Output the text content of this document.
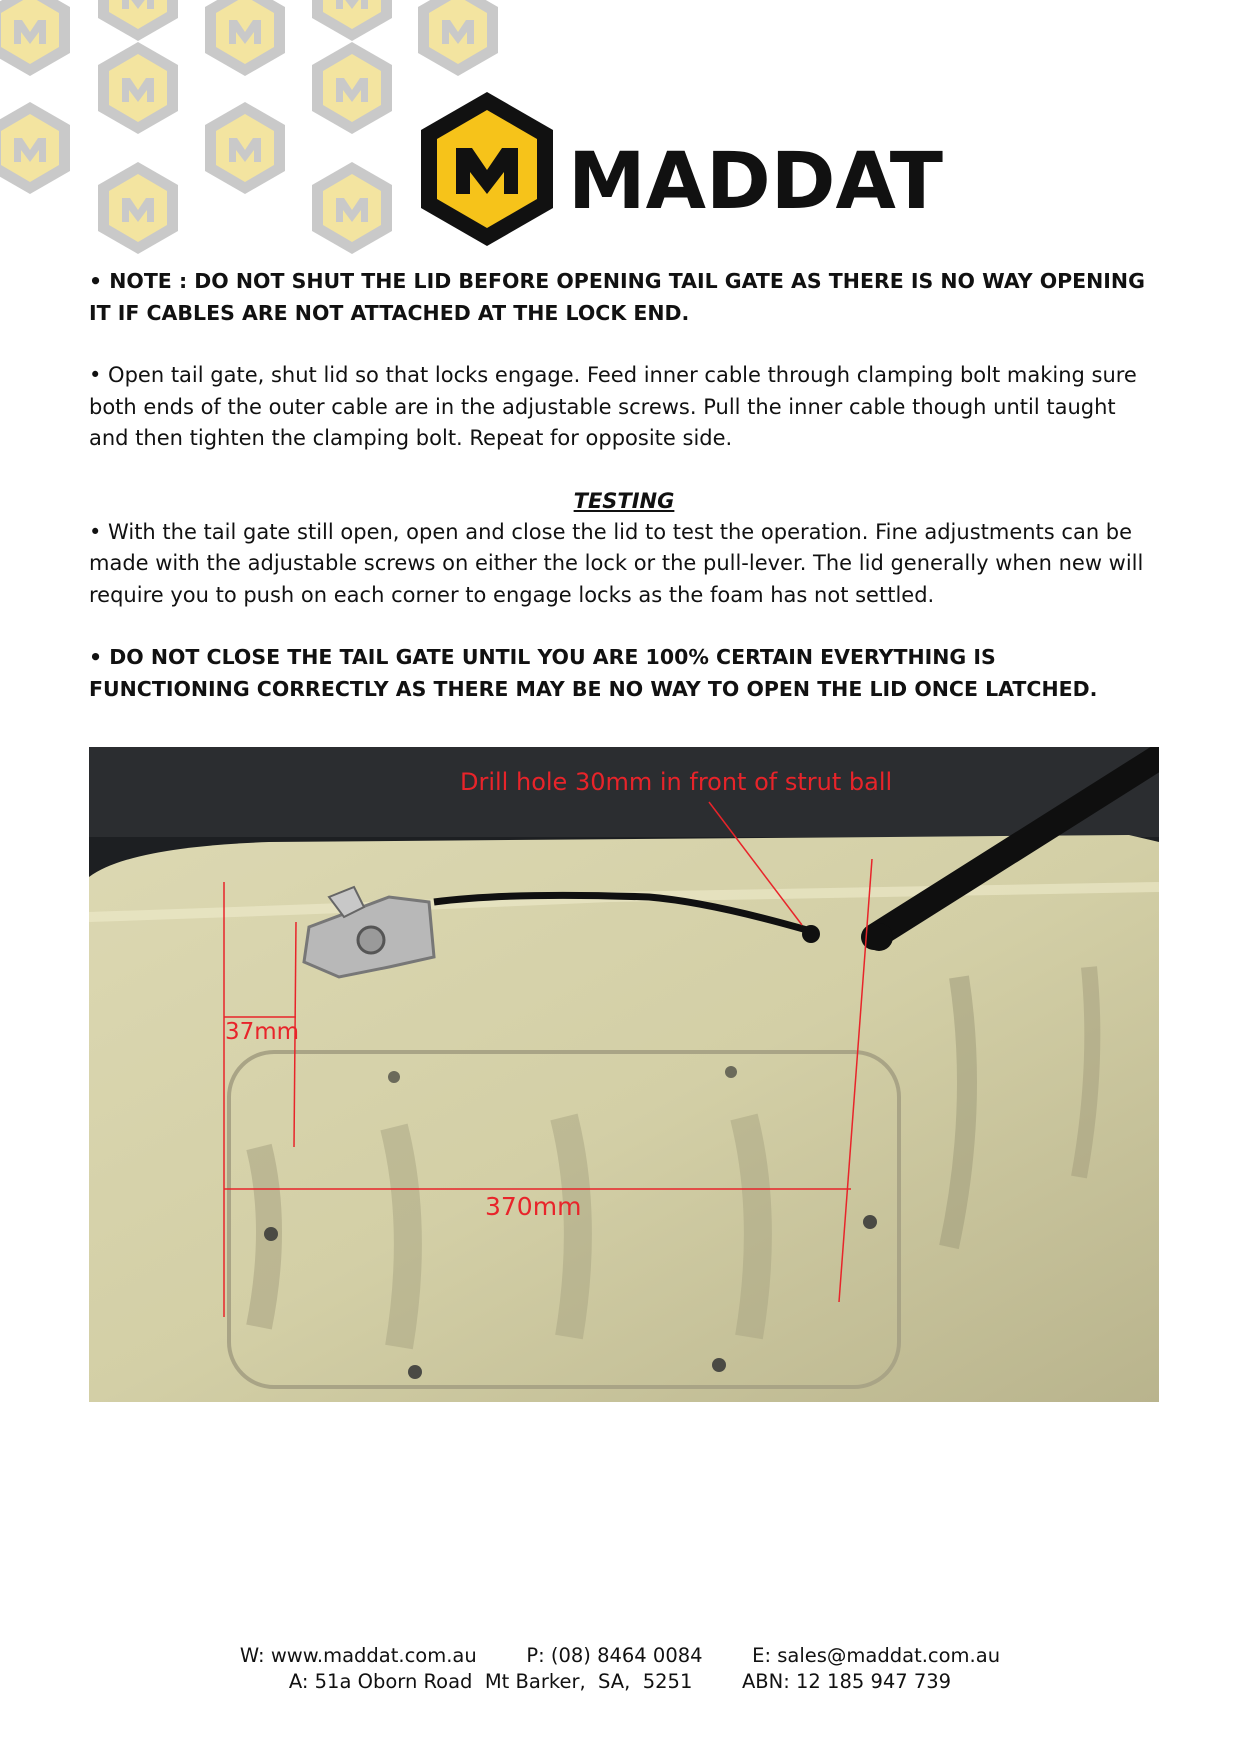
MADDAT

• NOTE : DO NOT SHUT THE LID BEFORE OPENING TAIL GATE AS THERE IS NO WAY OPENING IT IF CABLES ARE NOT ATTACHED AT THE LOCK END.

• Open tail gate, shut lid so that locks engage. Feed inner cable through clamping bolt making sure both ends of the outer cable are in the adjustable screws. Pull the inner cable though until taught and then tighten the clamping bolt. Repeat for opposite side.

TESTING

• With the tail gate still open, open and close the lid to test the operation. Fine adjustments can be made with the adjustable screws on either the lock or the pull-lever. The lid generally when new will require you to push on each corner to engage locks as the foam has not settled.

• DO NOT CLOSE THE TAIL GATE UNTIL YOU ARE 100% CERTAIN EVERYTHING IS FUNCTIONING CORRECTLY AS THERE MAY BE NO WAY TO OPEN THE LID ONCE LATCHED.

Drill hole 30mm in front of strut ball
37mm
370mm
W: www.maddat.com.au	P: (08) 8464 0084	E: sales@maddat.com.au
A: 51a Oborn Road  Mt Barker,  SA,  5251	ABN: 12 185 947 739
